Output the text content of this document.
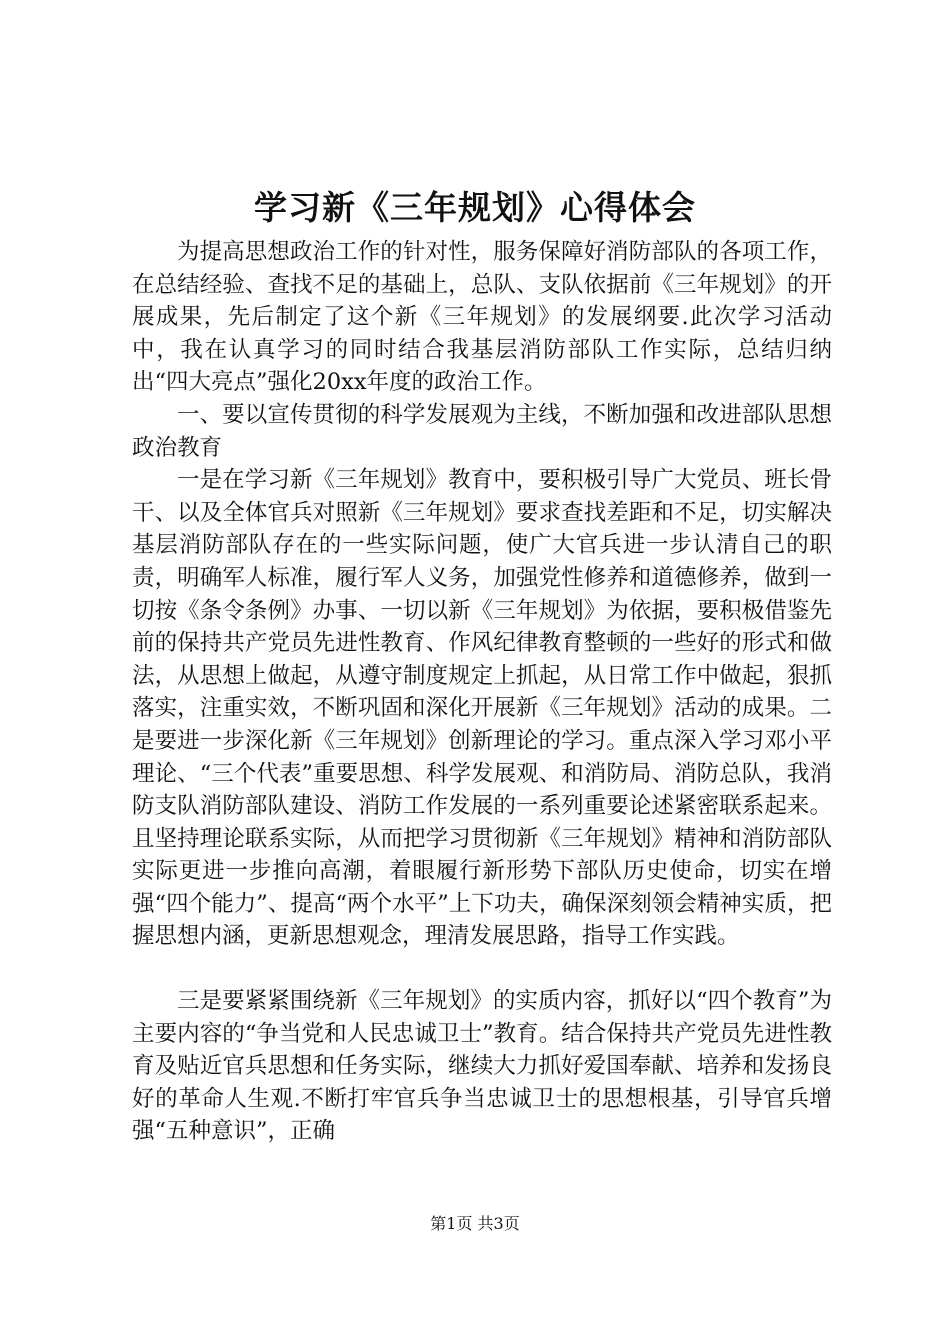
学习新《三年规划》心得体会

为提高思想政治工作的针对性，服务保障好消防部队的各项工作，在总结经验、查找不足的基础上，总队、支队依据前《三年规划》的开展成果，先后制定了这个新《三年规划》的发展纲要.此次学习活动中，我在认真学习的同时结合我基层消防部队工作实际，总结归纳出“四大亮点”强化20xx年度的政治工作。

一、要以宣传贯彻的科学发展观为主线，不断加强和改进部队思想政治教育

一是在学习新《三年规划》教育中，要积极引导广大党员、班长骨干、以及全体官兵对照新《三年规划》要求查找差距和不足，切实解决基层消防部队存在的一些实际问题，使广大官兵进一步认清自己的职责，明确军人标准，履行军人义务，加强党性修养和道德修养，做到一切按《条令条例》办事、一切以新《三年规划》为依据，要积极借鉴先前的保持共产党员先进性教育、作风纪律教育整顿的一些好的形式和做法，从思想上做起，从遵守制度规定上抓起，从日常工作中做起，狠抓落实，注重实效，不断巩固和深化开展新《三年规划》活动的成果。二是要进一步深化新《三年规划》创新理论的学习。重点深入学习邓小平理论、“三个代表”重要思想、科学发展观、和消防局、消防总队，我消防支队消防部队建设、消防工作发展的一系列重要论述紧密联系起来。且坚持理论联系实际，从而把学习贯彻新《三年规划》精神和消防部队实际更进一步推向高潮，着眼履行新形势下部队历史使命，切实在增强“四个能力”、提高“两个水平”上下功夫，确保深刻领会精神实质，把握思想内涵，更新思想观念，理清发展思路，指导工作实践。

三是要紧紧围绕新《三年规划》的实质内容，抓好以“四个教育”为主要内容的“争当党和人民忠诚卫士”教育。结合保持共产党员先进性教育及贴近官兵思想和任务实际，继续大力抓好爱国奉献、培养和发扬良好的革命人生观.不断打牢官兵争当忠诚卫士的思想根基，引导官兵增强“五种意识”，正确

第1页 共3页
